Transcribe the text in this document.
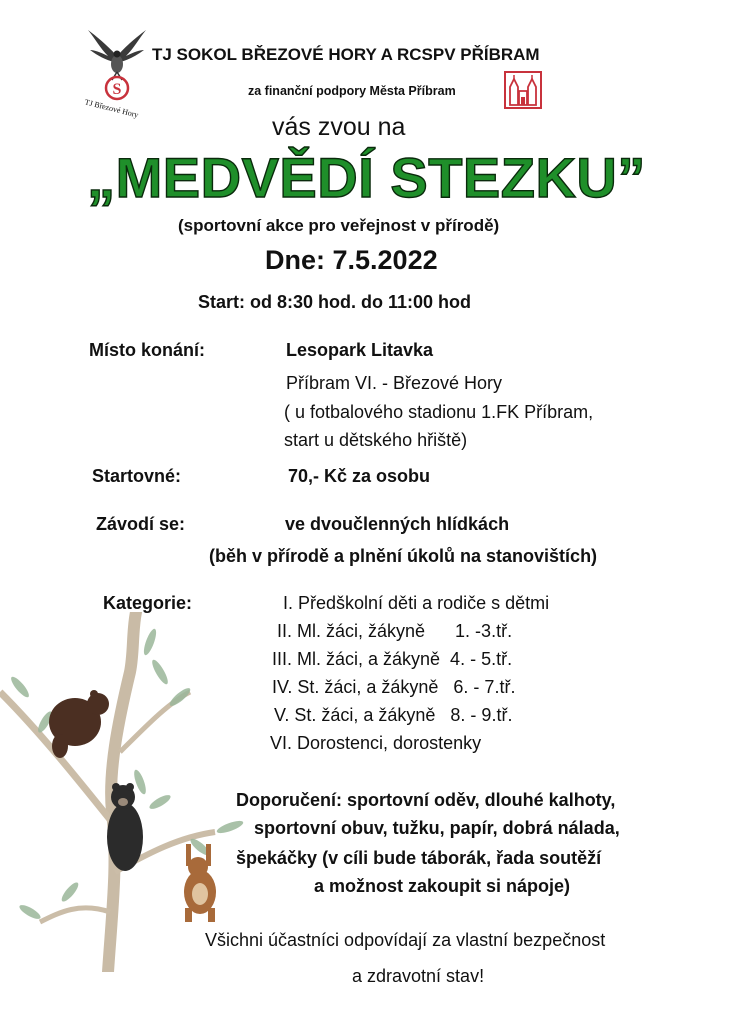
S
TJ Březové Hory
TJ SOKOL BŘEZOVÉ HORY A RCSPV PŘÍBRAM
za finanční podpory Města Příbram
vás zvou na
„MEDVĚDÍ STEZKU”
(sportovní akce pro veřejnost v přírodě)
Dne: 7.5.2022
Start: od 8:30 hod. do 11:00 hod
Místo konání:	Lesopark Litavka
Příbram VI. - Březové Hory
( u fotbalového stadionu 1.FK Příbram,
start u dětského hřiště)
Startovné:	70,- Kč za osobu
Závodí se:	ve dvoučlenných hlídkách
(běh v přírodě a plnění úkolů na stanovištích)
Kategorie:	I. Předškolní děti a rodiče s dětmi
II. Ml. žáci, žákyně      1. -3.tř.
III. Ml. žáci, a žákyně  4. - 5.tř.
IV. St. žáci, a žákyně   6. - 7.tř.
V. St. žáci, a žákyně   8. - 9.tř.
VI. Dorostenci, dorostenky
Doporučení: sportovní oděv, dlouhé kalhoty,
sportovní obuv, tužku, papír, dobrá nálada,
špekáčky (v cíli bude táborák, řada soutěží
a možnost zakoupit si nápoje)
Všichni účastníci odpovídají za vlastní bezpečnost
a zdravotní stav!
